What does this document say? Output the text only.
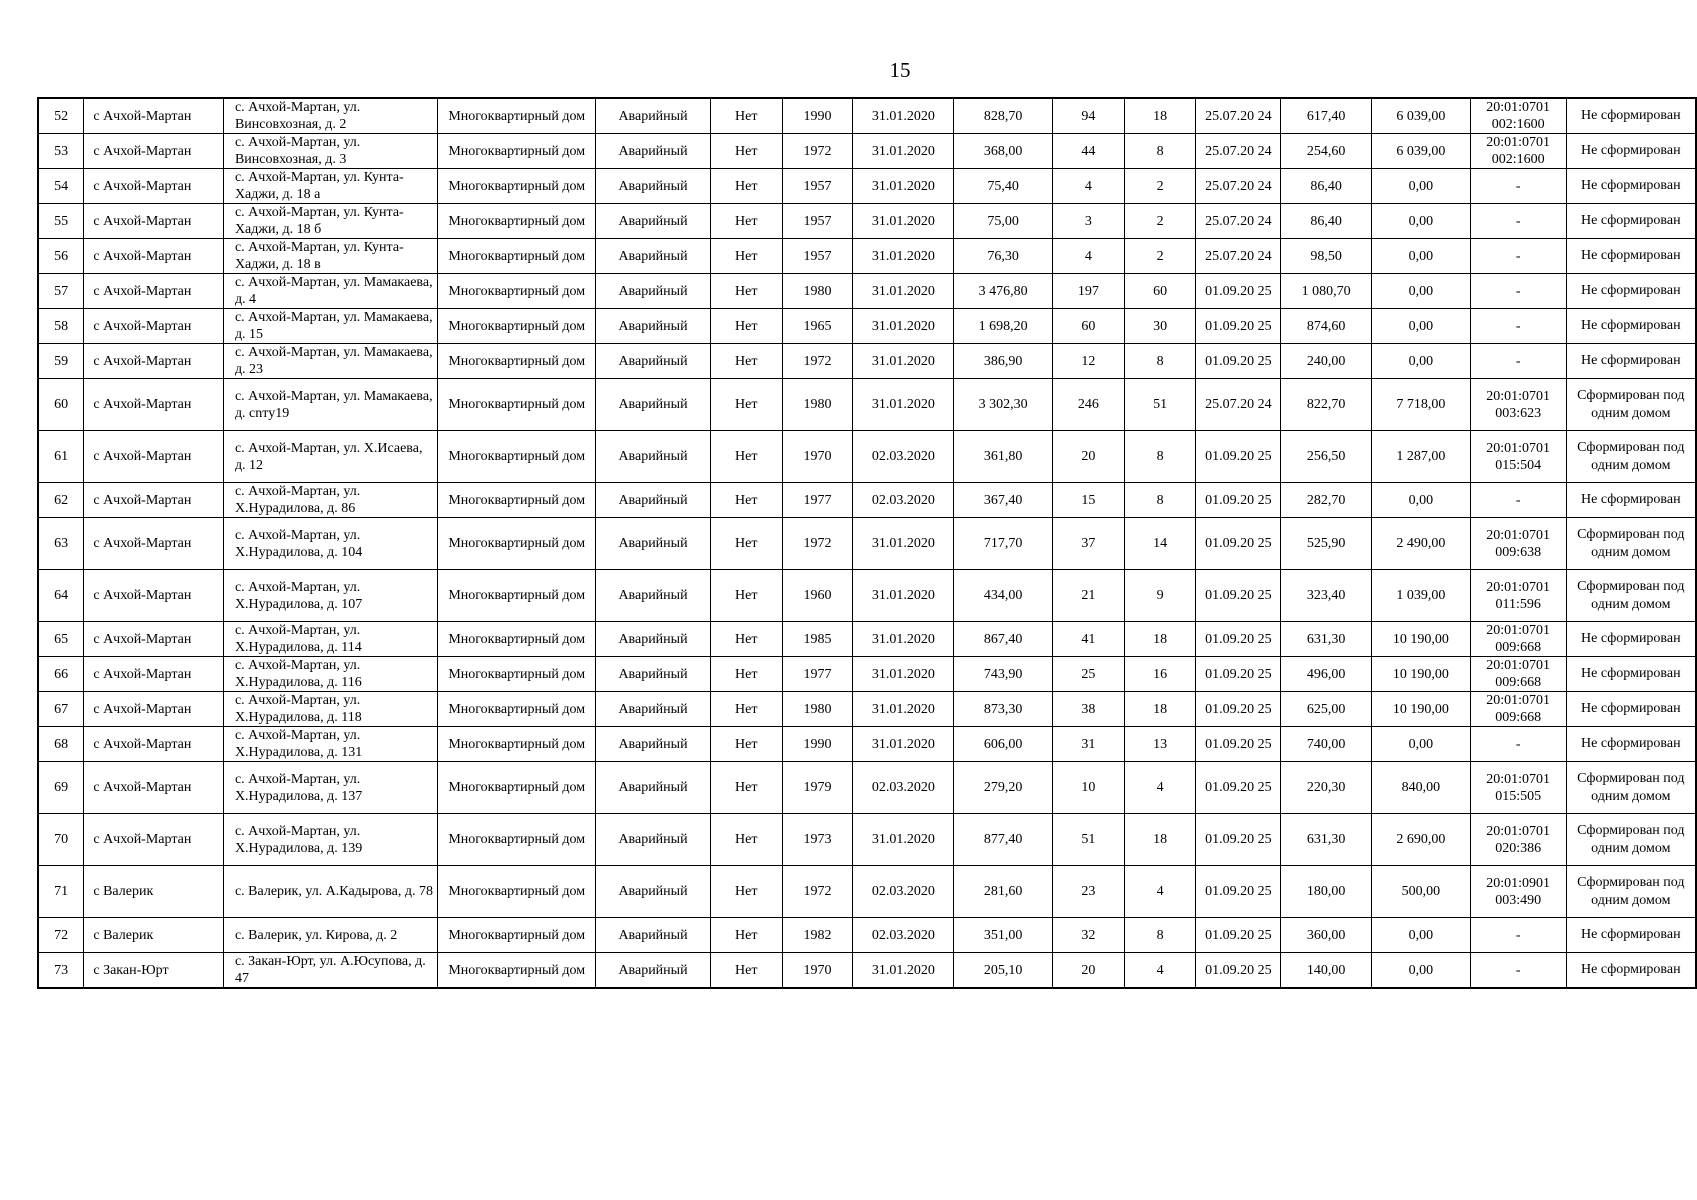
15
52	с Ачхой-Мартан	с. Ачхой-Мартан, ул. Винсовхозная, д. 2	Многоквартирный дом	Аварийный	Нет	1990	31.01.2020	828,70	94	18	25.07.20 24	617,40	6 039,00	20:01:0701 002:1600	Не сформирован
53	с Ачхой-Мартан	с. Ачхой-Мартан, ул. Винсовхозная, д. 3	Многоквартирный дом	Аварийный	Нет	1972	31.01.2020	368,00	44	8	25.07.20 24	254,60	6 039,00	20:01:0701 002:1600	Не сформирован
54	с Ачхой-Мартан	с. Ачхой-Мартан, ул. Кунта-Хаджи, д. 18 а	Многоквартирный дом	Аварийный	Нет	1957	31.01.2020	75,40	4	2	25.07.20 24	86,40	0,00	-	Не сформирован
55	с Ачхой-Мартан	с. Ачхой-Мартан, ул. Кунта-Хаджи, д. 18 б	Многоквартирный дом	Аварийный	Нет	1957	31.01.2020	75,00	3	2	25.07.20 24	86,40	0,00	-	Не сформирован
56	с Ачхой-Мартан	с. Ачхой-Мартан, ул. Кунта-Хаджи, д. 18 в	Многоквартирный дом	Аварийный	Нет	1957	31.01.2020	76,30	4	2	25.07.20 24	98,50	0,00	-	Не сформирован
57	с Ачхой-Мартан	с. Ачхой-Мартан, ул. Мамакаева, д. 4	Многоквартирный дом	Аварийный	Нет	1980	31.01.2020	3 476,80	197	60	01.09.20 25	1 080,70	0,00	-	Не сформирован
58	с Ачхой-Мартан	с. Ачхой-Мартан, ул. Мамакаева, д. 15	Многоквартирный дом	Аварийный	Нет	1965	31.01.2020	1 698,20	60	30	01.09.20 25	874,60	0,00	-	Не сформирован
59	с Ачхой-Мартан	с. Ачхой-Мартан, ул. Мамакаева, д. 23	Многоквартирный дом	Аварийный	Нет	1972	31.01.2020	386,90	12	8	01.09.20 25	240,00	0,00	-	Не сформирован
60	с Ачхой-Мартан	с. Ачхой-Мартан, ул. Мамакаева, д. сnту19	Многоквартирный дом	Аварийный	Нет	1980	31.01.2020	3 302,30	246	51	25.07.20 24	822,70	7 718,00	20:01:0701 003:623	Сформирован под одним домом
61	с Ачхой-Мартан	с. Ачхой-Мартан, ул. Х.Исаева, д. 12	Многоквартирный дом	Аварийный	Нет	1970	02.03.2020	361,80	20	8	01.09.20 25	256,50	1 287,00	20:01:0701 015:504	Сформирован под одним домом
62	с Ачхой-Мартан	с. Ачхой-Мартан, ул. Х.Нурадилова, д. 86	Многоквартирный дом	Аварийный	Нет	1977	02.03.2020	367,40	15	8	01.09.20 25	282,70	0,00	-	Не сформирован
63	с Ачхой-Мартан	с. Ачхой-Мартан, ул. Х.Нурадилова, д. 104	Многоквартирный дом	Аварийный	Нет	1972	31.01.2020	717,70	37	14	01.09.20 25	525,90	2 490,00	20:01:0701 009:638	Сформирован под одним домом
64	с Ачхой-Мартан	с. Ачхой-Мартан, ул. Х.Нурадилова, д. 107	Многоквартирный дом	Аварийный	Нет	1960	31.01.2020	434,00	21	9	01.09.20 25	323,40	1 039,00	20:01:0701 011:596	Сформирован под одним домом
65	с Ачхой-Мартан	с. Ачхой-Мартан, ул. Х.Нурадилова, д. 114	Многоквартирный дом	Аварийный	Нет	1985	31.01.2020	867,40	41	18	01.09.20 25	631,30	10 190,00	20:01:0701 009:668	Не сформирован
66	с Ачхой-Мартан	с. Ачхой-Мартан, ул. Х.Нурадилова, д. 116	Многоквартирный дом	Аварийный	Нет	1977	31.01.2020	743,90	25	16	01.09.20 25	496,00	10 190,00	20:01:0701 009:668	Не сформирован
67	с Ачхой-Мартан	с. Ачхой-Мартан, ул. Х.Нурадилова, д. 118	Многоквартирный дом	Аварийный	Нет	1980	31.01.2020	873,30	38	18	01.09.20 25	625,00	10 190,00	20:01:0701 009:668	Не сформирован
68	с Ачхой-Мартан	с. Ачхой-Мартан, ул. Х.Нурадилова, д. 131	Многоквартирный дом	Аварийный	Нет	1990	31.01.2020	606,00	31	13	01.09.20 25	740,00	0,00	-	Не сформирован
69	с Ачхой-Мартан	с. Ачхой-Мартан, ул. Х.Нурадилова, д. 137	Многоквартирный дом	Аварийный	Нет	1979	02.03.2020	279,20	10	4	01.09.20 25	220,30	840,00	20:01:0701 015:505	Сформирован под одним домом
70	с Ачхой-Мартан	с. Ачхой-Мартан, ул. Х.Нурадилова, д. 139	Многоквартирный дом	Аварийный	Нет	1973	31.01.2020	877,40	51	18	01.09.20 25	631,30	2 690,00	20:01:0701 020:386	Сформирован под одним домом
71	с Валерик	с. Валерик, ул. А.Кадырова, д. 78	Многоквартирный дом	Аварийный	Нет	1972	02.03.2020	281,60	23	4	01.09.20 25	180,00	500,00	20:01:0901 003:490	Сформирован под одним домом
72	с Валерик	с. Валерик, ул. Кирова, д. 2	Многоквартирный дом	Аварийный	Нет	1982	02.03.2020	351,00	32	8	01.09.20 25	360,00	0,00	-	Не сформирован
73	с Закан-Юрт	с. Закан-Юрт, ул. А.Юсупова, д. 47	Многоквартирный дом	Аварийный	Нет	1970	31.01.2020	205,10	20	4	01.09.20 25	140,00	0,00	-	Не сформирован
